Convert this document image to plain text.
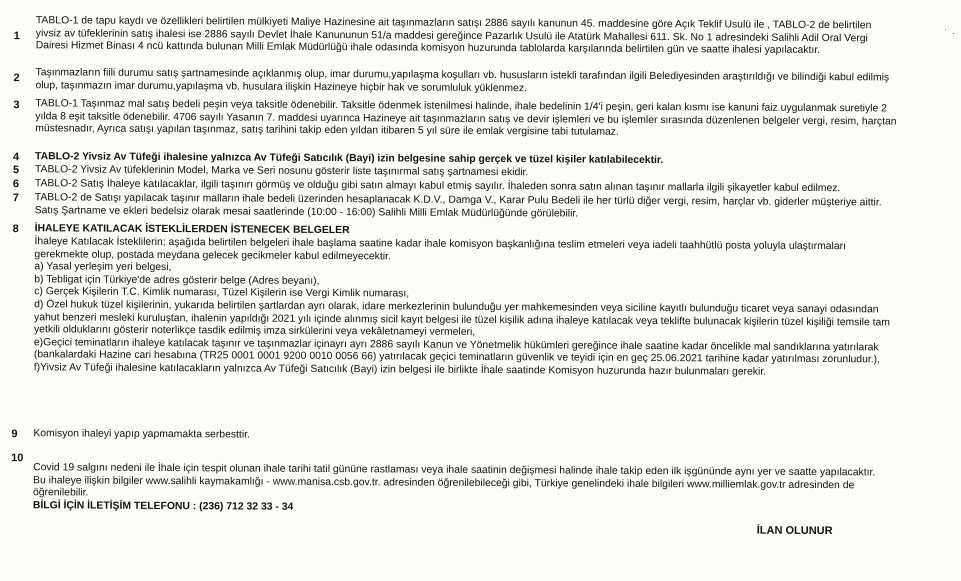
1
TABLO-1 de tapu kaydı ve özellikleri belirtilen mülkiyeti Maliye Hazinesine ait taşınmazların satışı 2886 sayılı kanunun 45. maddesine göre Açık Teklif Usulü ile , TABLO-2 de belirtilen
yivsiz av tüfeklerinin satış ihalesi ise 2886 sayılı Devlet İhale Kanununun 51/a maddesi gereğince Pazarlık Usulü ile Atatürk Mahallesi 611. Sk. No 1 adresindeki Salihli Adil Oral Vergi
Dairesi Hizmet Binası 4 ncü kattında bulunan Milli Emlak Müdürlüğü ihale odasında komisyon huzurunda tablolarda karşılarında belirtilen gün ve saatte ihalesi yapılacaktır.
2 Taşınmazların fiili durumu satış şartnamesinde açıklanmış olup, imar durumu,yapılaşma koşulları vb. hususların istekli tarafından ilgili Belediyesinden araştırıldığı ve bilindiği kabul edilmiş
olup, taşınmazın imar durumu,yapılaşma vb. husulara ilişkin Hazineye hiçbir hak ve sorumluluk yüklenmez.
3 TABLO-1 Taşınmaz mal satış bedeli peşin veya taksitle ödenebilir. Taksitle ödenmek istenilmesi halinde, ihale bedelinin 1/4'i peşin, geri kalan kısmı ise kanuni faiz uygulanmak suretiyle 2
yılda 8 eşit taksitle ödenebilir. 4706 sayılı Yasanın 7. maddesi uyarınca Hazineye ait taşınmazların satış ve devir işlemleri ve bu işlemler sırasında düzenlenen belgeler vergi, resim, harçtan
müstesnadır, Ayrıca satışı yapılan taşınmaz, satış tarihini takip eden yıldan itibaren 5 yıl süre ile emlak vergisine tabi tutulamaz.
4 TABLO-2 Yivsiz Av Tüfeği ihalesine yalnızca Av Tüfeği Satıcılık (Bayi) izin belgesine sahip gerçek ve tüzel kişiler katılabilecektir.
5 TABLO-2 Yivsiz Av tüfeklerinin Model, Marka ve Seri nosunu gösterir liste taşınırmal satış şartnamesi ekidir.
6 TABLO-2 Satış İhaleye katılacaklar, ilgili taşınırı görmüş ve olduğu gibi satın almayı kabul etmiş sayılır. İhaleden sonra satın alınan taşınır mallarla ilgili şikayetler kabul edilmez.
7 TABLO-2 de Satışı yapılacak taşınır malların ihale bedeli üzerinden hesaplanacak K.D.V., Damga V., Karar Pulu Bedeli ile her türlü diğer vergi, resim, harçlar vb. giderler müşteriye aittir.
Satış Şartname ve ekleri bedelsiz olarak mesai saatlerinde (10:00 - 16:00) Salihli Milli Emlak Müdürlüğünde görülebilir.
8 İHALEYE KATILACAK İSTEKLİLERDEN İSTENECEK BELGELER
İhaleye Katılacak İsteklilerin; aşağıda belirtilen belgeleri ihale başlama saatine kadar ihale komisyon başkanlığına teslim etmeleri veya iadeli taahhütlü posta yoluyla ulaştırmaları
gerekmekte olup, postada meydana gelecek gecikmeler kabul edilmeyecektir.
a) Yasal yerleşim yeri belgesi,
b) Tebligat için Türkiye'de adres gösterir belge (Adres beyanı),
c) Gerçek Kişilerin T.C. Kimlik numarası, Tüzel Kişilerin ise Vergi Kimlik numarası,
d) Özel hukuk tüzel kişilerinin, yukarıda belirtilen şartlardan ayrı olarak, idare merkezlerinin bulunduğu yer mahkemesinden veya siciline kayıtlı bulunduğu ticaret veya sanayi odasından
yahut benzeri mesleki kuruluştan, ihalenin yapıldığı 2021 yılı içinde alınmış sicil kayıt belgesi ile tüzel kişilik adına ihaleye katılacak veya teklifte bulunacak kişilerin tüzel kişiliği temsile tam
yetkili olduklarını gösterir noterlikçe tasdik edilmiş imza sirkülerini veya vekâletnameyi vermeleri,
e)Geçici teminatların ihaleye katılacak taşınır ve taşınmazlar içinayrı ayrı 2886 sayılı Kanun ve Yönetmelik hükümleri gereğince ihale saatine kadar öncelikle mal sandıklarına yatırılarak
(bankalardaki Hazine cari hesabına (TR25 0001 0001 9200 0010 0056 66) yatırılacak geçici teminatların güvenlik ve teyidi için en geç 25.06.2021 tarihine kadar yatırılması zorunludur.),
f)Yivsiz Av Tüfeği ihalesine katılacakların yalnızca Av Tüfeği Satıcılık (Bayi) izin belgesi ile birlikte İhale saatinde Komisyon huzurunda hazır bulunmaları gerekir.
9 Komisyon ihaleyi yapıp yapmamakta serbesttir.
10
Covid 19 salgını nedeni ile İhale için tespit olunan ihale tarihi tatil gününe rastlaması veya ihale saatinin değişmesi halinde ihale takip eden ilk işgününde aynı yer ve saatte yapılacaktır.
Bu ihaleye ilişkin bilgiler www.salihli kaymakamlığı - www.manisa.csb.gov.tr. adresinden öğrenilebileceği gibi, Türkiye genelindeki ihale bilgileri www.milliemlak.gov.tr adresinden de
öğrenilebilir.
BİLGİ İÇİN İLETİŞİM TELEFONU : (236) 712 32 33 - 34
İLAN OLUNUR
· ·
